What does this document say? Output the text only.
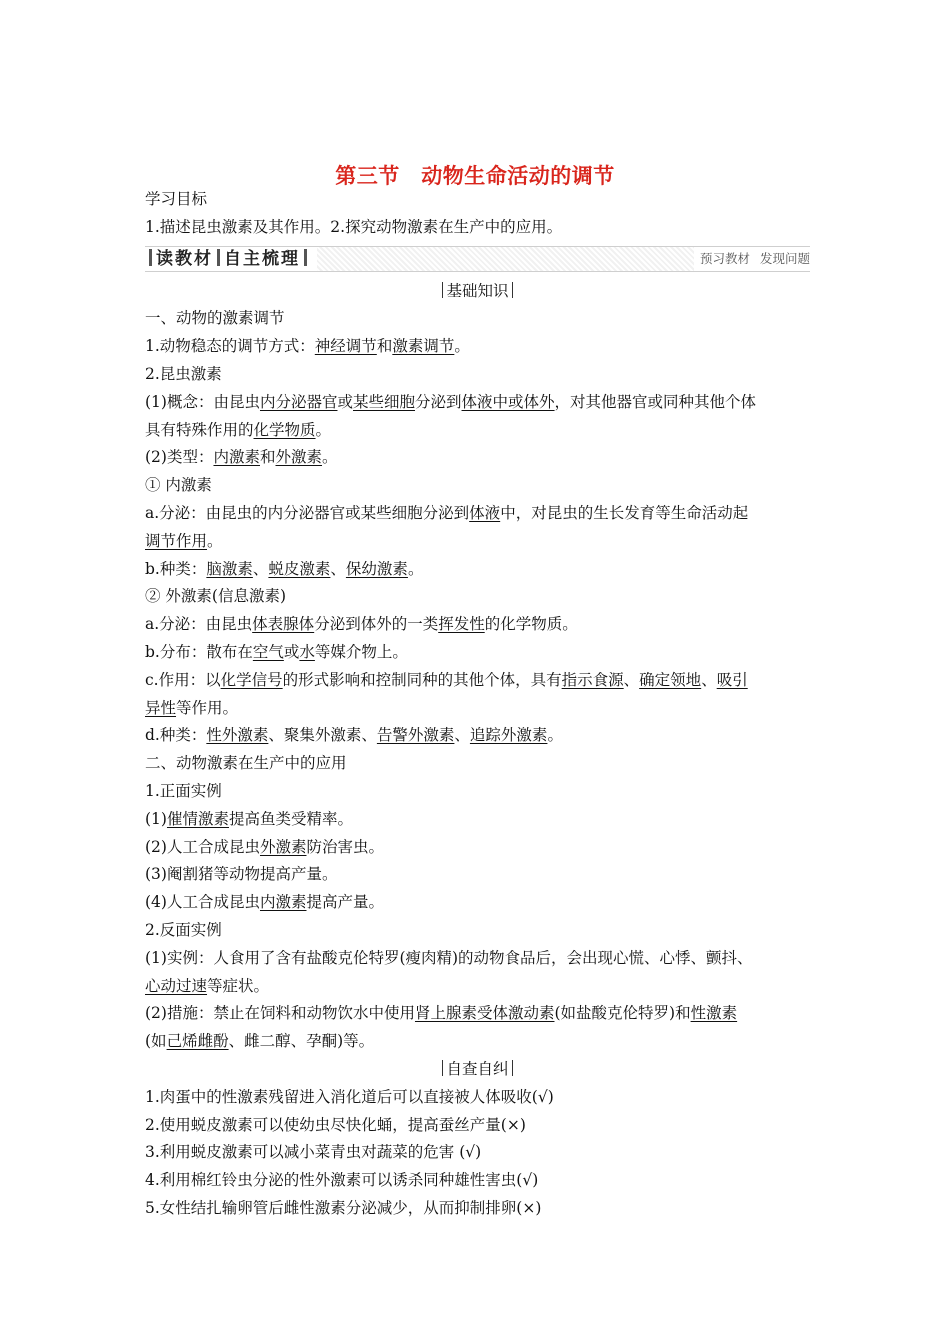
第三节　动物生命活动的调节
学习目标
1.描述昆虫激素及其作用。2.探究动物激素在生产中的应用。
读教材 自主梳理	预习教材 发现问题
基础知识
一、动物的激素调节
1.动物稳态的调节方式：神经调节和激素调节。
2.昆虫激素
(1)概念：由昆虫内分泌器官或某些细胞分泌到体液中或体外，对其他器官或同种其他个体
具有特殊作用的化学物质。
(2)类型：内激素和外激素。
① 内激素
a.分泌：由昆虫的内分泌器官或某些细胞分泌到体液中，对昆虫的生长发育等生命活动起
调节作用。
b.种类：脑激素、蜕皮激素、保幼激素。
② 外激素(信息激素)
a.分泌：由昆虫体表腺体分泌到体外的一类挥发性的化学物质。
b.分布：散布在空气或水等媒介物上。
c.作用：以化学信号的形式影响和控制同种的其他个体，具有指示食源、确定领地、吸引
异性等作用。
d.种类：性外激素、聚集外激素、告警外激素、追踪外激素。
二、动物激素在生产中的应用
1.正面实例
(1)催情激素提高鱼类受精率。
(2)人工合成昆虫外激素防治害虫。
(3)阉割猪等动物提高产量。
(4)人工合成昆虫内激素提高产量。
2.反面实例
(1)实例：人食用了含有盐酸克伦特罗(瘦肉精)的动物食品后，会出现心慌、心悸、颤抖、
心动过速等症状。
(2)措施：禁止在饲料和动物饮水中使用肾上腺素受体激动素(如盐酸克伦特罗)和性激素
(如己烯雌酚、雌二醇、孕酮)等。
自查自纠
1.肉蛋中的性激素残留进入消化道后可以直接被人体吸收(√)
2.使用蜕皮激素可以使幼虫尽快化蛹，提高蚕丝产量(×)
3.利用蜕皮激素可以减小菜青虫对蔬菜的危害 (√)
4.利用棉红铃虫分泌的性外激素可以诱杀同种雄性害虫(√)
5.女性结扎输卵管后雌性激素分泌减少，从而抑制排卵(×)
